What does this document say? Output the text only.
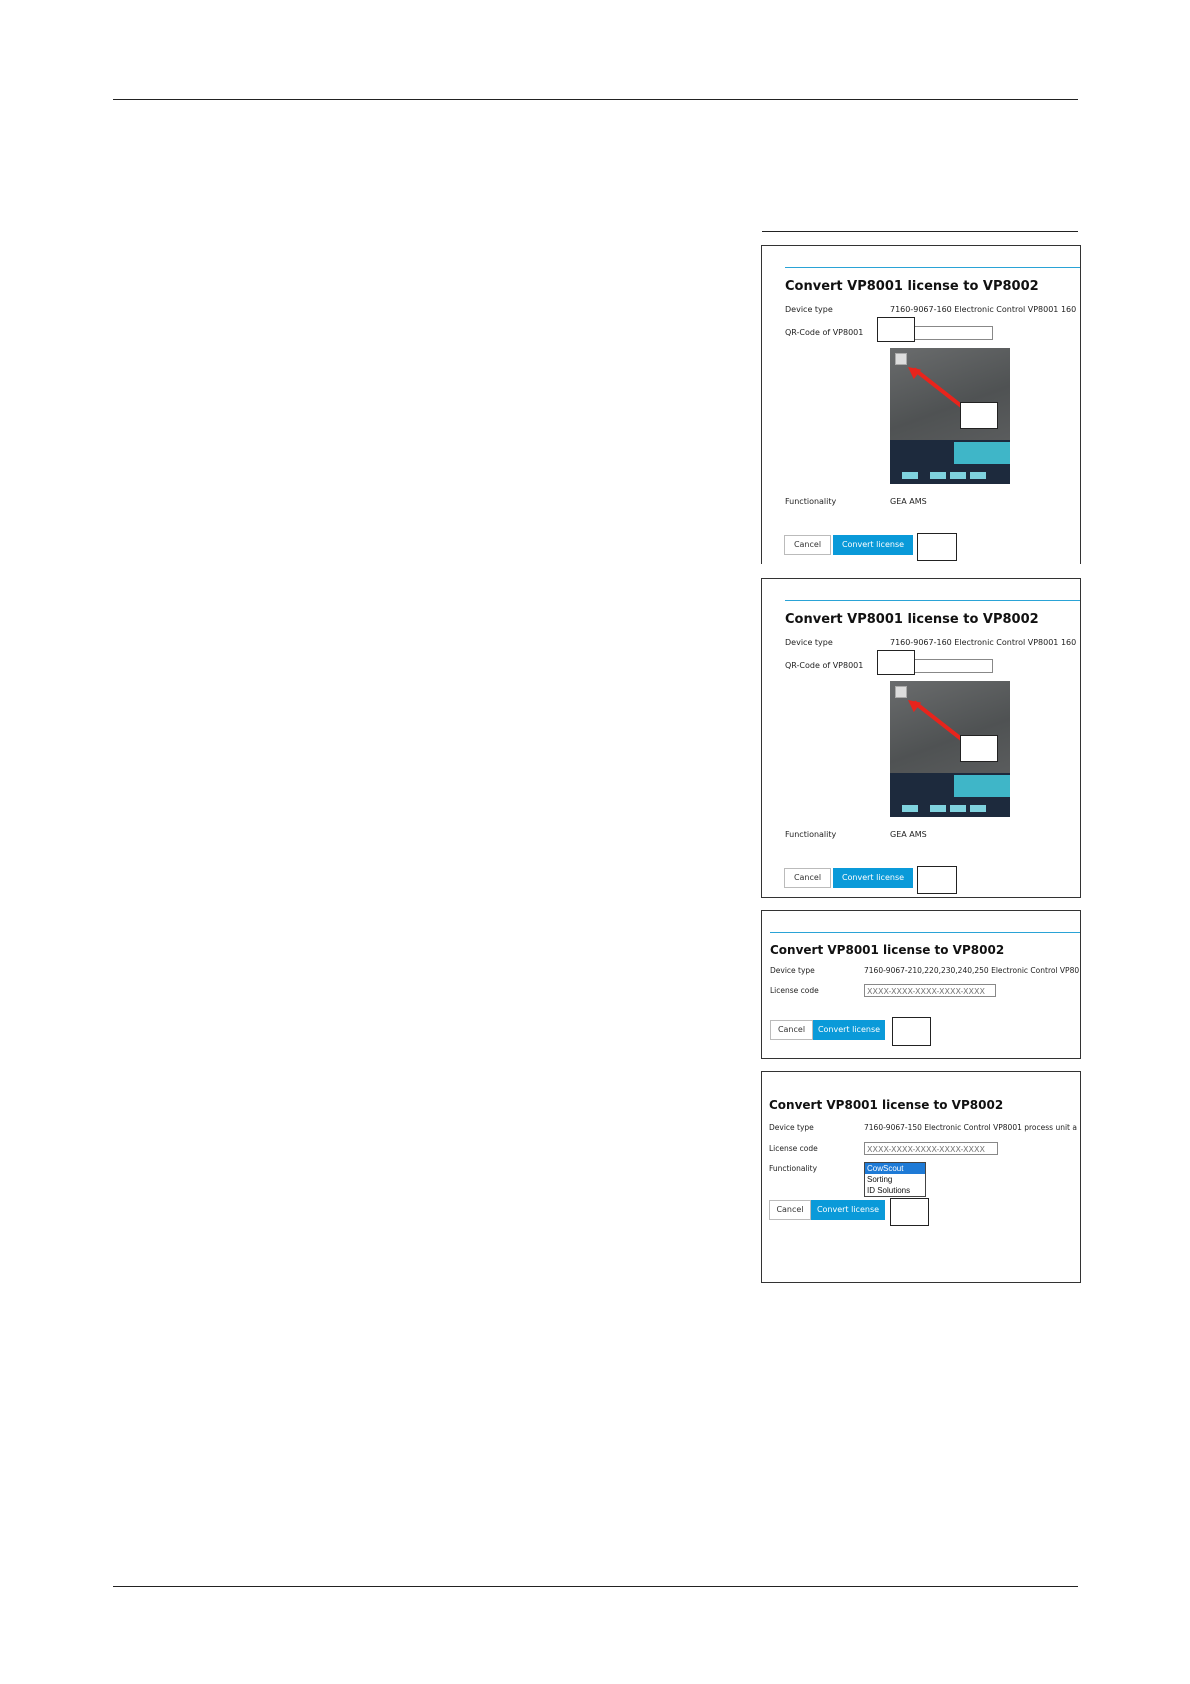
Convert VP8001 license to VP8002
Device type	7160-9067-160 Electronic Control VP8001 160
QR-Code of VP8001
Functionality	GEA AMS
Cancel	Convert license
Convert VP8001 license to VP8002
Device type	7160-9067-160 Electronic Control VP8001 160
QR-Code of VP8001
Functionality	GEA AMS
Cancel	Convert license
Convert VP8001 license to VP8002
Device type	7160-9067-210,220,230,240,250 Electronic Control VP80
License code	XXXX-XXXX-XXXX-XXXX-XXXX
Cancel	Convert license
Convert VP8001 license to VP8002
Device type	7160-9067-150 Electronic Control VP8001 process unit a
License code	XXXX-XXXX-XXXX-XXXX-XXXX
Functionality	CowScout
Sorting
ID Solutions
Cancel	Convert license
